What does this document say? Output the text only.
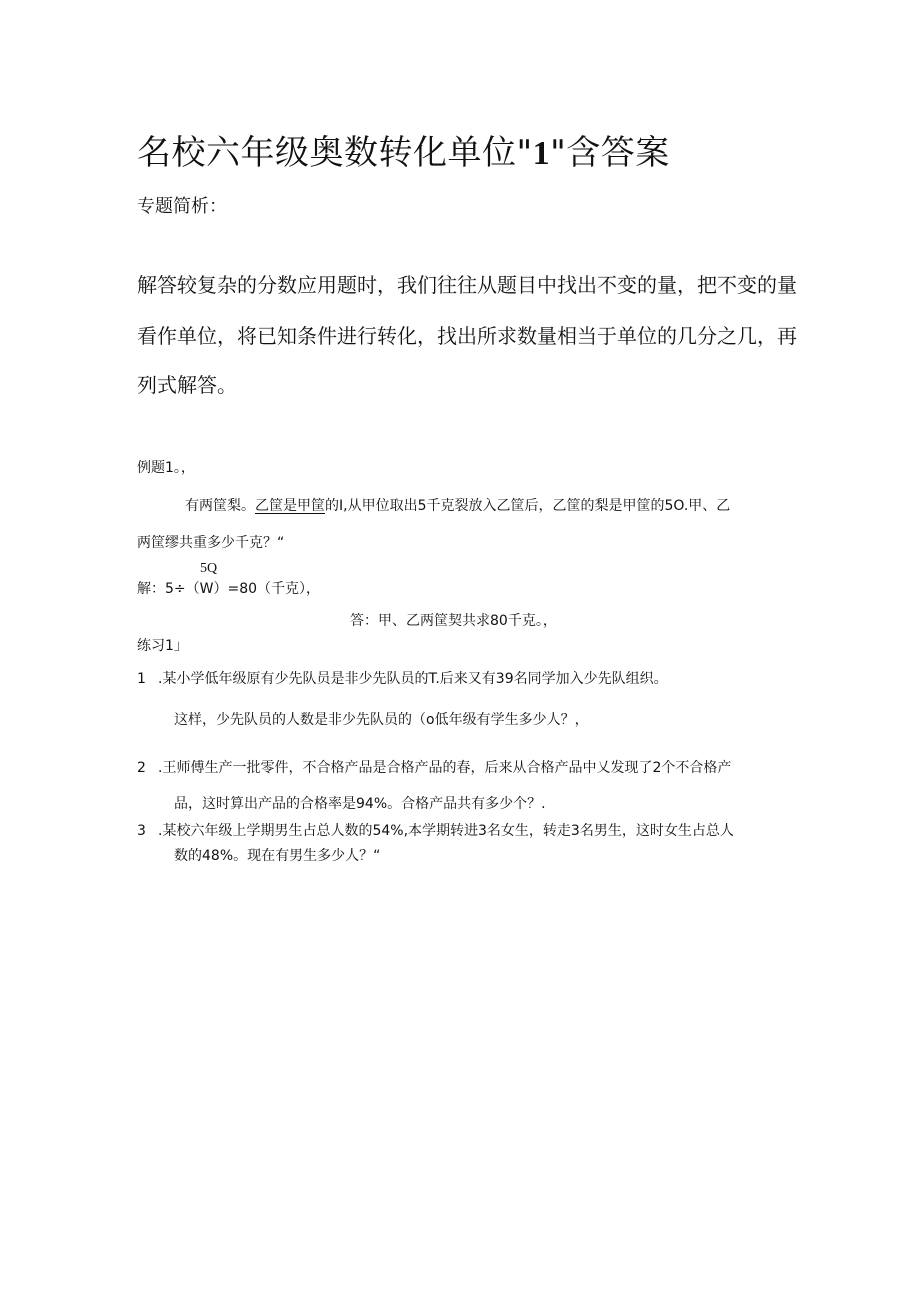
名校六年级奥数转化单位"1"含答案
专题简析：
解答较复杂的分数应用题时，我们往往从题目中找出不变的量，把不变的量
看作单位，将已知条件进行转化，找出所求数量相当于单位的几分之几，再
列式解答。
例题1。，
有两筐梨。乙筐是甲筐的I,从甲位取出5千克裂放入乙筐后，乙筐的梨是甲筐的5O.甲、乙
两筐缪共重多少千克？“
5Q
解：5÷（W）=80（千克），
答：甲、乙两筐契共求80千克。，
练习1」
1 .某小学低年级原有少先队员是非少先队员的T.后来又有39名同学加入少先队组织。
这样，少先队员的人数是非少先队员的（o低年级有学生多少人？，
2 .王师傅生产一批零件，不合格产品是合格产品的春，后来从合格产品中乂发现了2个不合格产
品，这时算出产品的合格率是94%。合格产品共有多少个？.
3 .某校六年级上学期男生占总人数的54%,本学期转进3名女生，转走3名男生，这时女生占总人
数的48%。现在有男生多少人？“
